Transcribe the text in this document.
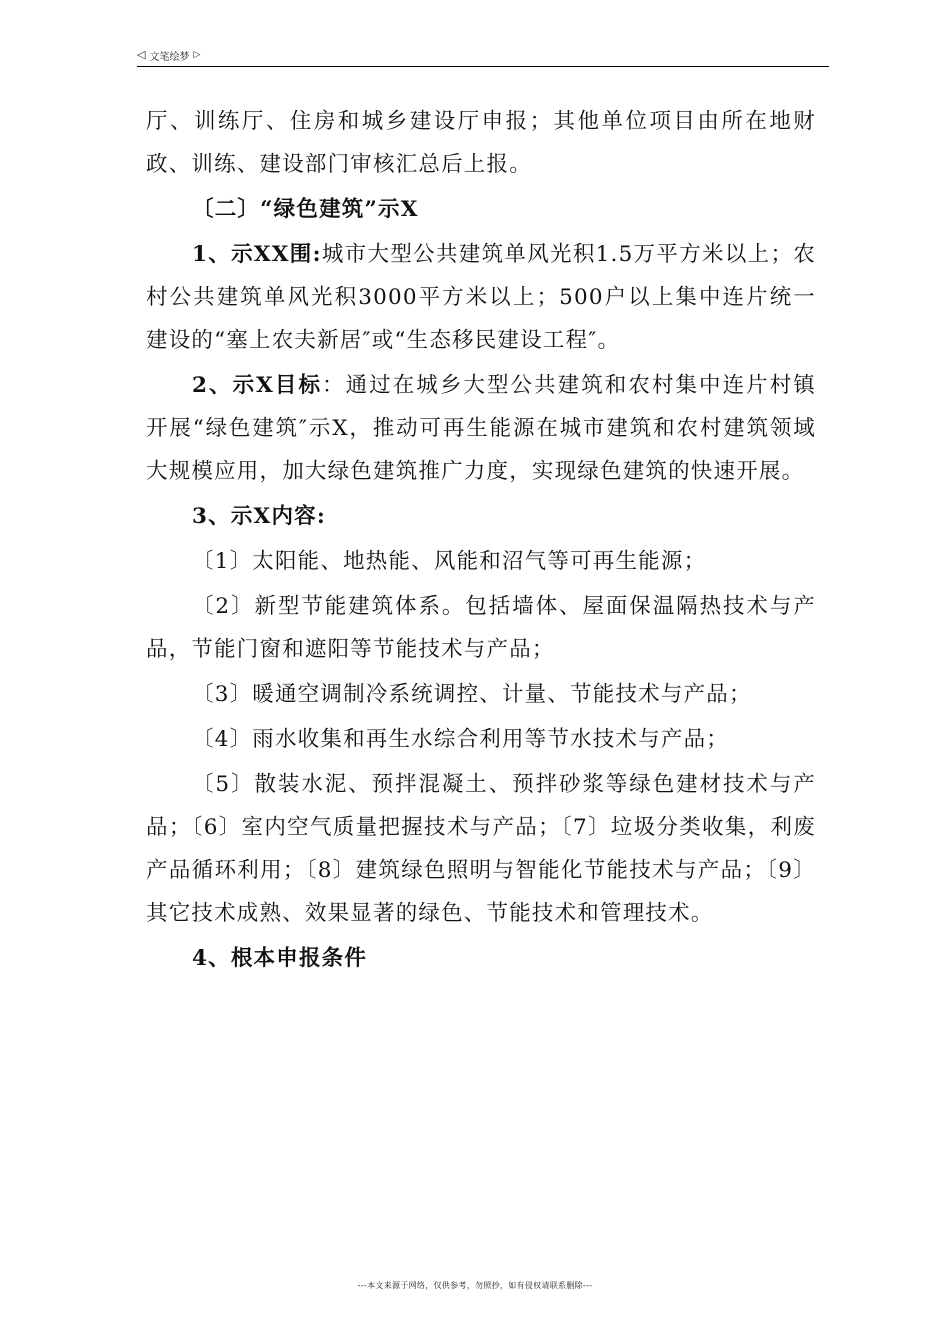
◁ 文笔绘梦 ▷

厅、训练厅、住房和城乡建设厅申报；其他单位项目由所在地财政、训练、建设部门审核汇总后上报。

〔二〕“绿色建筑”示X

1、示XX围:城市大型公共建筑单风光积1.5万平方米以上；农村公共建筑单风光积3000平方米以上；500户以上集中连片统一建设的“塞上农夫新居″或“生态移民建设工程″。

2、示X目标：通过在城乡大型公共建筑和农村集中连片村镇开展“绿色建筑″示X，推动可再生能源在城市建筑和农村建筑领域大规模应用，加大绿色建筑推广力度，实现绿色建筑的快速开展。

3、示X内容:

〔1〕太阳能、地热能、风能和沼气等可再生能源；

〔2〕新型节能建筑体系。包括墙体、屋面保温隔热技术与产品，节能门窗和遮阳等节能技术与产品；

〔3〕暖通空调制冷系统调控、计量、节能技术与产品；

〔4〕雨水收集和再生水综合利用等节水技术与产品；

〔5〕散装水泥、预拌混凝土、预拌砂浆等绿色建材技术与产品；〔6〕室内空气质量把握技术与产品；〔7〕垃圾分类收集，利废产品循环利用；〔8〕建筑绿色照明与智能化节能技术与产品；〔9〕其它技术成熟、效果显著的绿色、节能技术和管理技术。

4、根本申报条件

---本文来源于网络，仅供参考，勿照抄，如有侵权请联系删除---
